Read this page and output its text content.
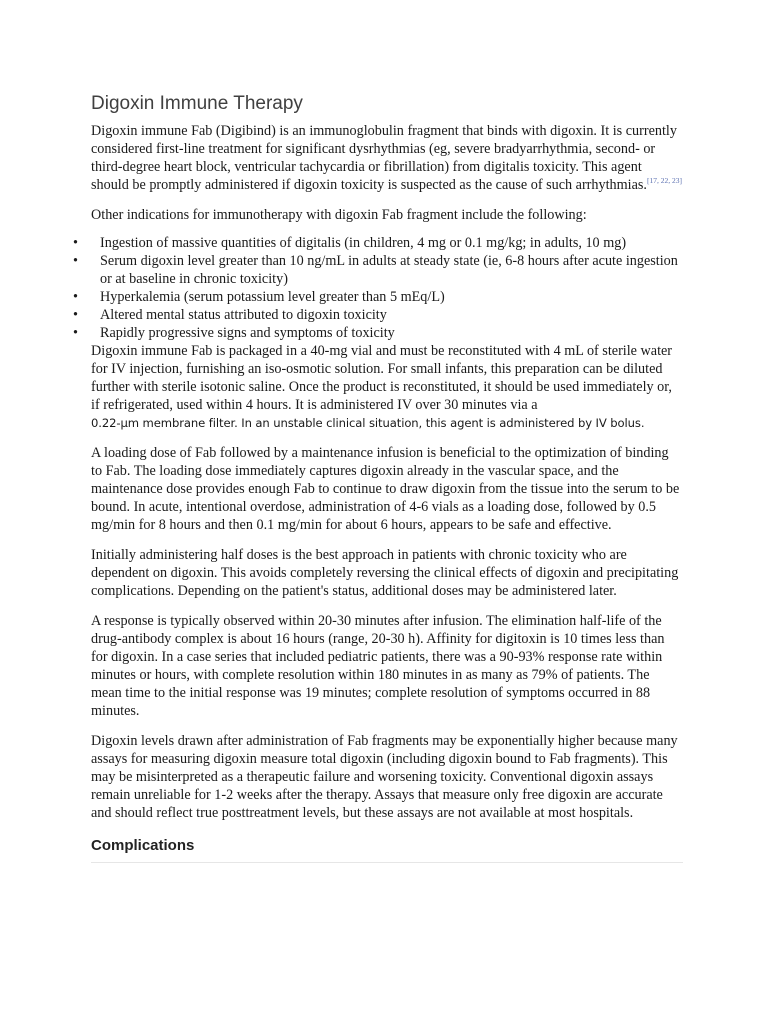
Digoxin Immune Therapy

Digoxin immune Fab (Digibind) is an immunoglobulin fragment that binds with digoxin. It is currently considered first-line treatment for significant dysrhythmias (eg, severe bradyarrhythmia, second- or third-degree heart block, ventricular tachycardia or fibrillation) from digitalis toxicity. This agent should be promptly administered if digoxin toxicity is suspected as the cause of such arrhythmias.[17, 22, 23]

Other indications for immunotherapy with digoxin Fab fragment include the following:

•	Ingestion of massive quantities of digitalis (in children, 4 mg or 0.1 mg/kg; in adults, 10 mg)
•	Serum digoxin level greater than 10 ng/mL in adults at steady state (ie, 6-8 hours after acute ingestion or at baseline in chronic toxicity)
•	Hyperkalemia (serum potassium level greater than 5 mEq/L)
•	Altered mental status attributed to digoxin toxicity
•	Rapidly progressive signs and symptoms of toxicity

Digoxin immune Fab is packaged in a 40-mg vial and must be reconstituted with 4 mL of sterile water for IV injection, furnishing an iso-osmotic solution. For small infants, this preparation can be diluted further with sterile isotonic saline. Once the product is reconstituted, it should be used immediately or, if refrigerated, used within 4 hours. It is administered IV over 30 minutes via a
0.22-μm membrane filter. In an unstable clinical situation, this agent is administered by IV bolus.

A loading dose of Fab followed by a maintenance infusion is beneficial to the optimization of binding to Fab. The loading dose immediately captures digoxin already in the vascular space, and the maintenance dose provides enough Fab to continue to draw digoxin from the tissue into the serum to be bound. In acute, intentional overdose, administration of 4-6 vials as a loading dose, followed by 0.5 mg/min for 8 hours and then 0.1 mg/min for about 6 hours, appears to be safe and effective.

Initially administering half doses is the best approach in patients with chronic toxicity who are dependent on digoxin. This avoids completely reversing the clinical effects of digoxin and precipitating complications. Depending on the patient's status, additional doses may be administered later.

A response is typically observed within 20-30 minutes after infusion. The elimination half-life of the drug-antibody complex is about 16 hours (range, 20-30 h). Affinity for digitoxin is 10 times less than for digoxin. In a case series that included pediatric patients, there was a 90-93% response rate within minutes or hours, with complete resolution within 180 minutes in as many as 79% of patients. The mean time to the initial response was 19 minutes; complete resolution of symptoms occurred in 88 minutes.

Digoxin levels drawn after administration of Fab fragments may be exponentially higher because many assays for measuring digoxin measure total digoxin (including digoxin bound to Fab fragments). This may be misinterpreted as a therapeutic failure and worsening toxicity. Conventional digoxin assays remain unreliable for 1-2 weeks after the therapy. Assays that measure only free digoxin are accurate and should reflect true posttreatment levels, but these assays are not available at most hospitals.

Complications
